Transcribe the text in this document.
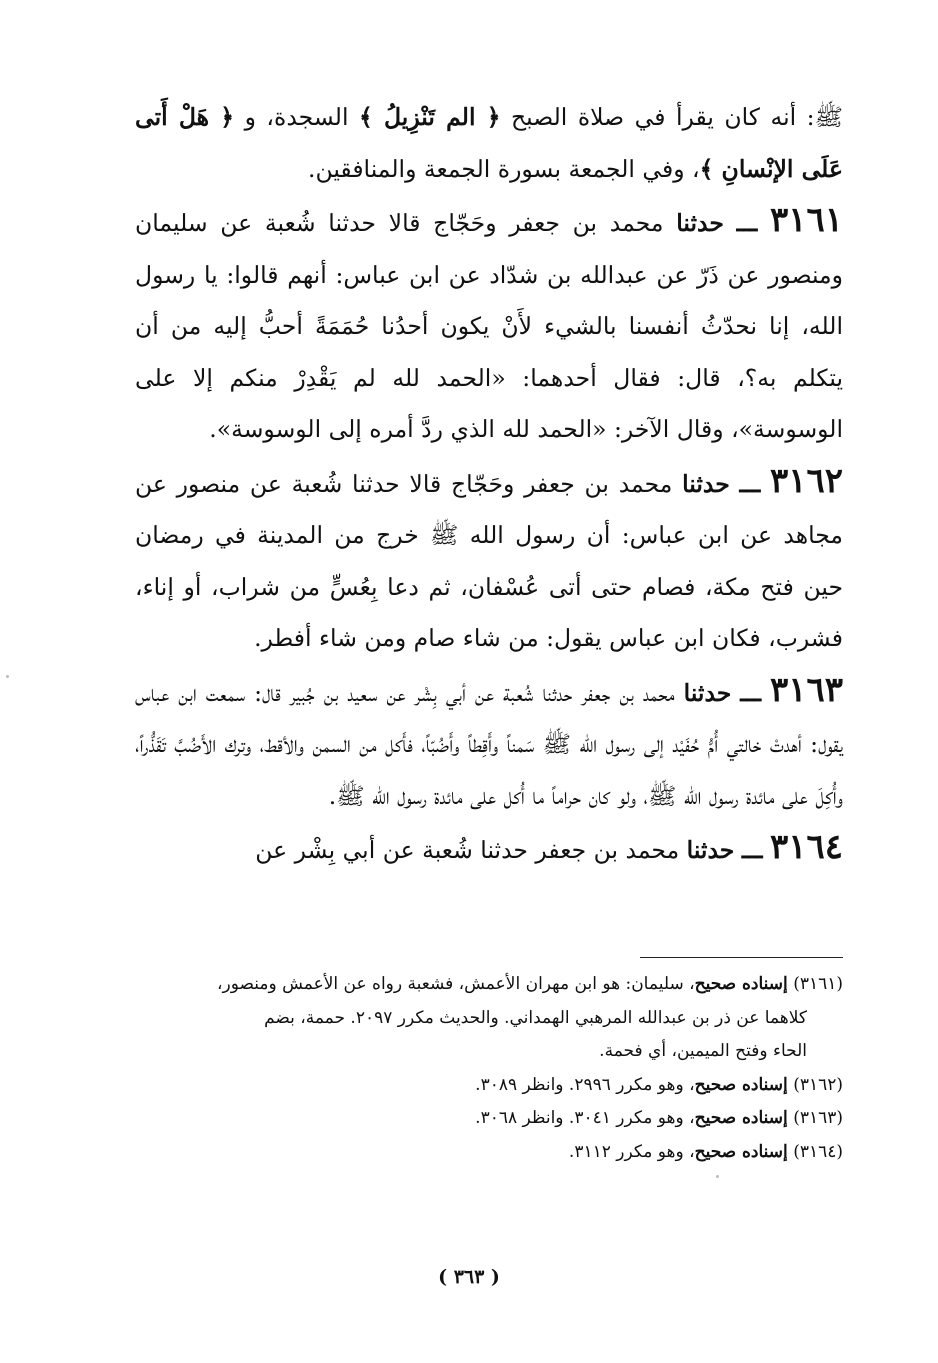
ﷺ: أنه كان يقرأ في صلاة الصبح ﴿ الم تَنْزِيلُ ﴾ السجدة، و ﴿ هَلْ أَتى عَلَى الإنْسانِ ﴾، وفي الجمعة بسورة الجمعة والمنافقين.

٣١٦١ ـــ حدثنا محمد بن جعفر وحَجّاج قالا حدثنا شُعبة عن سليمان ومنصور عن ذَرّ عن عبدالله بن شدّاد عن ابن عباس: أنهم قالوا: يا رسول الله، إنا نحدّثُ أنفسنا بالشيء لأَنْ يكون أحدُنا حُمَمَةً أحبُّ إليه من أن يتكلم به؟، قال: فقال أحدهما: «الحمد لله لم يَقْدِرْ منكم إلا على الوسوسة»، وقال الآخر: «الحمد لله الذي ردَّ أمره إلى الوسوسة».

٣١٦٢ ـــ حدثنا محمد بن جعفر وحَجّاج قالا حدثنا شُعبة عن منصور عن مجاهد عن ابن عباس: أن رسول الله ﷺ خرج من المدينة في رمضان حين فتح مكة، فصام حتى أتى عُسْفان، ثم دعا بِعُسٍّ من شراب، أو إناء، فشرب، فكان ابن عباس يقول: من شاء صام ومن شاء أفطر.

٣١٦٣ ـــ حدثنا محمد بن جعفر حدثنا شُعبة عن أبي بِشْر عن سعيد بن جُبير قال: سمعت ابن عباس يقول: أهدتْ خالتي أُمُّ حُفَيْد إلى رسول الله ﷺ سَمناً وأَقِطاً وأَضُبّاً، فأَكل من السمن والأقط، وترك الأَضُبَّ تَقَذُّراً، وأُكِلَ على مائدة رسول الله ﷺ، ولو كان حراماً ما أُكل على مائدة رسول الله ﷺ.

٣١٦٤ ـــ حدثنا محمد بن جعفر حدثنا شُعبة عن أبي بِشْر عن

(٣١٦١) إسناده صحيح، سليمان: هو ابن مهران الأعمش، فشعبة رواه عن الأعمش ومنصور،

كلاهما عن ذر بن عبدالله المرهبي الهمداني. والحديث مكرر ٢٠٩٧. حممة، بضم

الحاء وفتح الميمين، أي فحمة.

(٣١٦٢) إسناده صحيح، وهو مكرر ٢٩٩٦. وانظر ٣٠٨٩.

(٣١٦٣) إسناده صحيح، وهو مكرر ٣٠٤١. وانظر ٣٠٦٨.

(٣١٦٤) إسناده صحيح، وهو مكرر ٣١١٢.

( ٣٦٣ )
